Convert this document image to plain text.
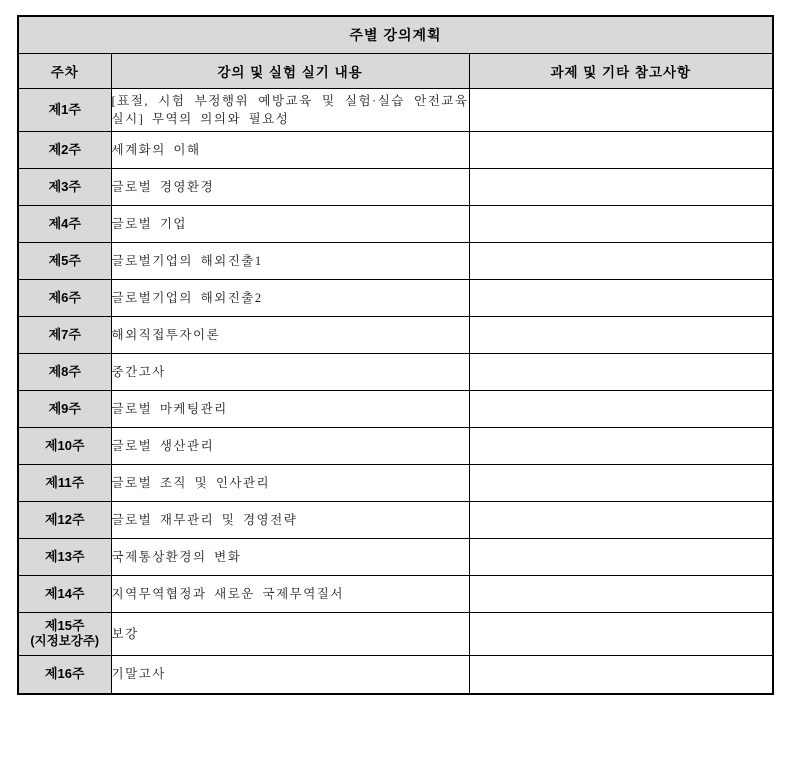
주별 강의계획		
주차	강의 및 실험 실기 내용	과제 및 기타 참고사항
제1주	[표절, 시험 부정행위 예방교육 및 실험·실습 안전교육 실시] 무역의 의의와 필요성	
제2주	세계화의 이해	
제3주	글로벌 경영환경	
제4주	글로벌 기업	
제5주	글로벌기업의 해외진출1	
제6주	글로벌기업의 해외진출2	
제7주	해외직접투자이론	
제8주	중간고사	
제9주	글로벌 마케팅관리	
제10주	글로벌 생산관리	
제11주	글로벌 조직 및 인사관리	
제12주	글로벌 재무관리 및 경영전략	
제13주	국제통상환경의 변화	
제14주	지역무역협정과 새로운 국제무역질서	
제15주
(지정보강주)	보강	
제16주	기말고사	
